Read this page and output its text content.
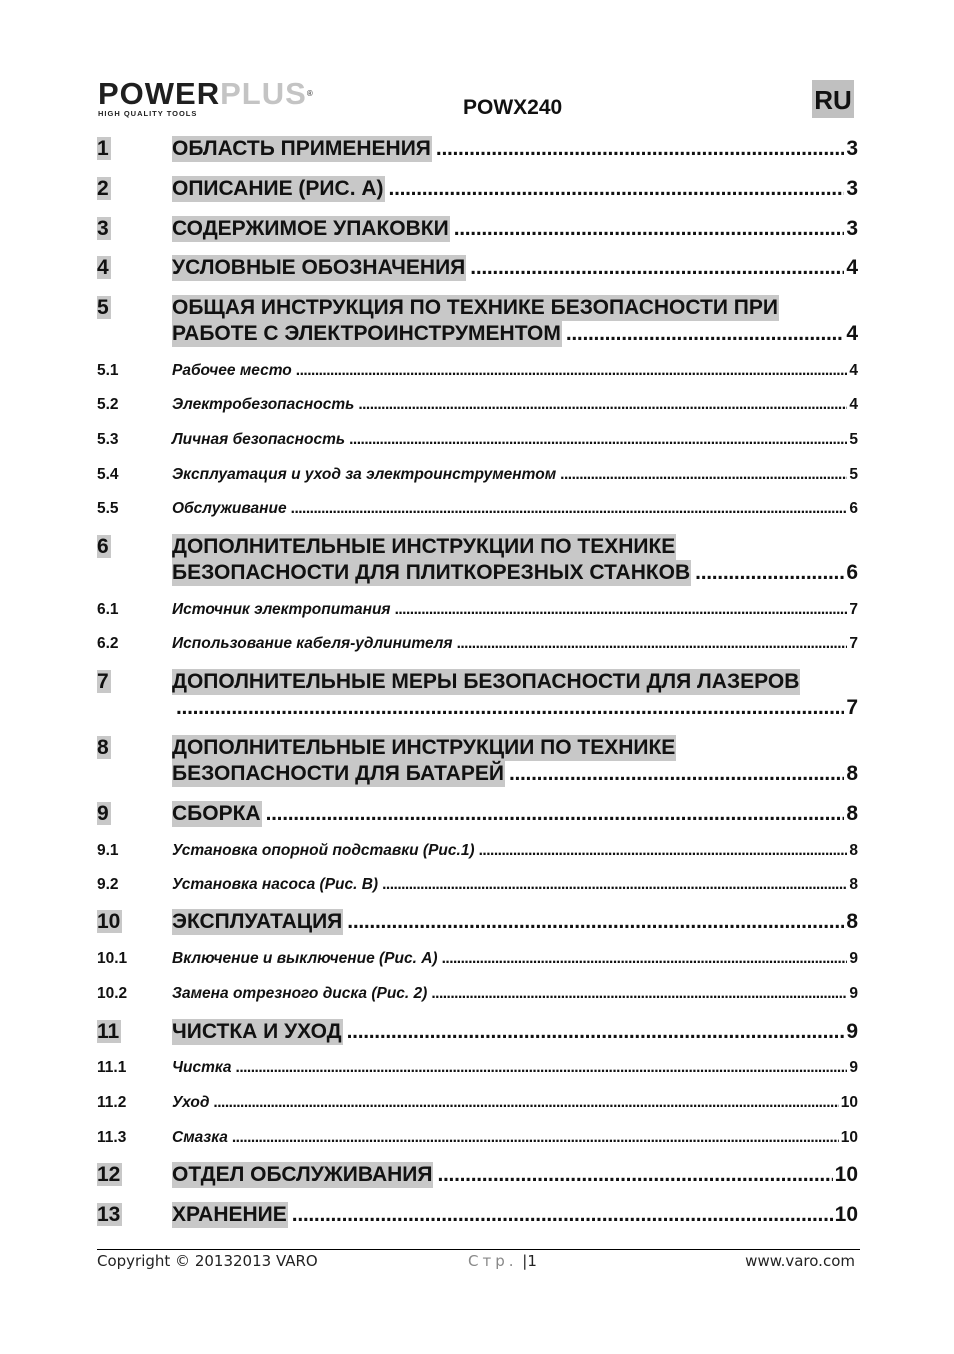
POWERPLUS®
HIGH QUALITY TOOLS	POWX240	RU
1	ОБЛАСТЬ ПРИМЕНЕНИЯ .....	3
2	ОПИСАНИЕ (РИС. A) .....	3
3	СОДЕРЖИМОЕ УПАКОВКИ .....	3
4	УСЛОВНЫЕ ОБОЗНАЧЕНИЯ .....	4
5	ОБЩАЯ ИНСТРУКЦИЯ ПО ТЕХНИКЕ БЕЗОПАСНОСТИ ПРИ
РАБОТЕ С ЭЛЕКТРОИНСТРУМЕНТОМ .....	4
5.1	Рабочее место .....	4
5.2	Электробезопасность .....	4
5.3	Личная безопасность .....	5
5.4	Эксплуатация и уход за электроинструментом .....	5
5.5	Обслуживание .....	6
6	ДОПОЛНИТЕЛЬНЫЕ ИНСТРУКЦИИ ПО ТЕХНИКЕ
БЕЗОПАСНОСТИ ДЛЯ ПЛИТКОРЕЗНЫХ СТАНКОВ .....	6
6.1	Источник электропитания .....	7
6.2	Использование кабеля-удлинителя .....	7
7	ДОПОЛНИТЕЛЬНЫЕ МЕРЫ БЕЗОПАСНОСТИ ДЛЯ ЛАЗЕРОВ
.....
7
8	ДОПОЛНИТЕЛЬНЫЕ ИНСТРУКЦИИ ПО ТЕХНИКЕ
БЕЗОПАСНОСТИ ДЛЯ БАТАРЕЙ .....	8
9	СБОРКА .....	8
9.1	Установка опорной подставки (Рис.1) .....	8
9.2	Установка насоса (Рис. B) .....	8
10 ЭКСПЛУАТАЦИЯ .....	8
10.1	Включение и выключение (Рис. A) .....	9
10.2	Замена отрезного диска (Рис. 2) .....	9
11	ЧИСТКА И УХОД .....	9
11.1	Чистка .....	9
11.2	Уход .....	10
11.3	Смазка .....	10
12 ОТДЕЛ ОБСЛУЖИВАНИЯ .....	10
13 ХРАНЕНИЕ .....	10
Copyright © 20132013 VARO	Стр. |1	www.varo.com
